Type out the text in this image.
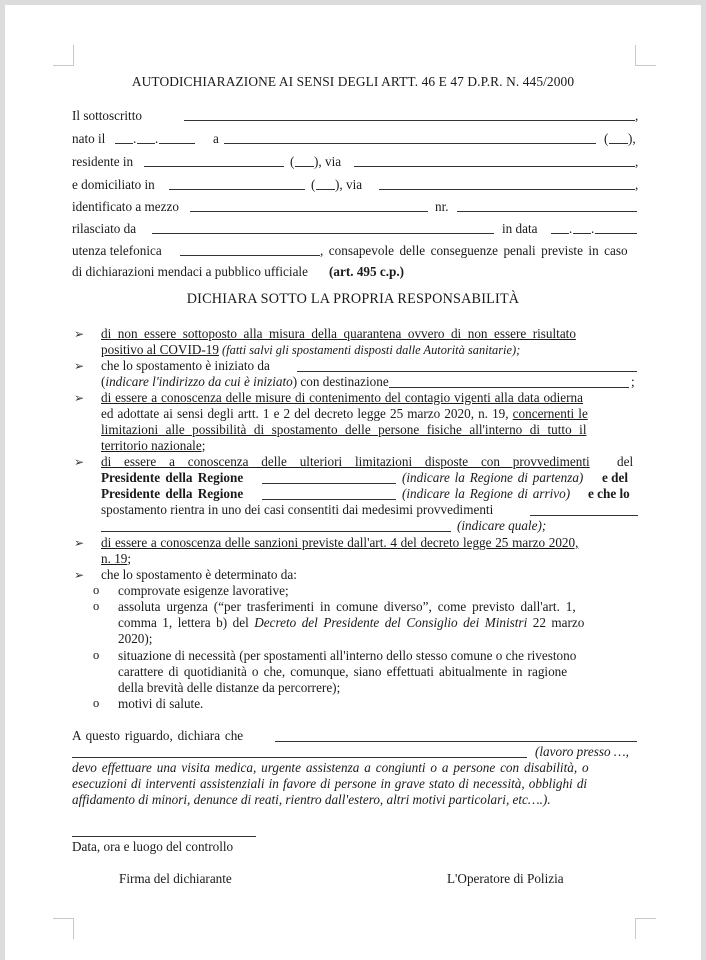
AUTODICHIARAZIONE AI SENSI DEGLI ARTT. 46 E 47 D.P.R. N. 445/2000
Il sottoscritto	,
nato il . .	a	( ),
residente in	( ), via	,
e domiciliato in	( ), via	,
identificato a mezzo	nr.
rilasciato da	in data . .
utenza telefonica	, consapevole delle conseguenze penali previste in caso
di dichiarazioni mendaci a pubblico ufficiale (art. 495 c.p.)
DICHIARA SOTTO LA PROPRIA RESPONSABILITÀ
➢ di non essere sottoposto alla misura della quarantena ovvero di non essere risultato
positivo al COVID-19 (fatti salvi gli spostamenti disposti dalle Autorità sanitarie);
➢ che lo spostamento è iniziato da
(indicare l'indirizzo da cui è iniziato) con destinazione	;
➢ di essere a conoscenza delle misure di contenimento del contagio vigenti alla data odierna
ed adottate ai sensi degli artt. 1 e 2 del decreto legge 25 marzo 2020, n. 19, concernenti le
limitazioni alle possibilità di spostamento delle persone fisiche all'interno di tutto il
territorio nazionale;
➢ di essere a conoscenza delle ulteriori limitazioni disposte con provvedimenti del
Presidente della Regione	(indicare la Regione di partenza) e del
Presidente della Regione	(indicare la Regione di arrivo) e che lo
spostamento rientra in uno dei casi consentiti dai medesimi provvedimenti
(indicare quale);
➢ di essere a conoscenza delle sanzioni previste dall'art. 4 del decreto legge 25 marzo 2020,
n. 19;
➢ che lo spostamento è determinato da:
o comprovate esigenze lavorative;
o assoluta urgenza (“per trasferimenti in comune diverso”, come previsto dall'art. 1,
comma 1, lettera b) del Decreto del Presidente del Consiglio dei Ministri 22 marzo
2020);
o situazione di necessità (per spostamenti all'interno dello stesso comune o che rivestono
carattere di quotidianità o che, comunque, siano effettuati abitualmente in ragione
della brevità delle distanze da percorrere);
o motivi di salute.
A questo riguardo, dichiara che
(lavoro presso …,
devo effettuare una visita medica, urgente assistenza a congiunti o a persone con disabilità, o
esecuzioni di interventi assistenziali in favore di persone in grave stato di necessità, obblighi di
affidamento di minori, denunce di reati, rientro dall'estero, altri motivi particolari, etc….).
Data, ora e luogo del controllo
Firma del dichiarante	L'Operatore di Polizia
